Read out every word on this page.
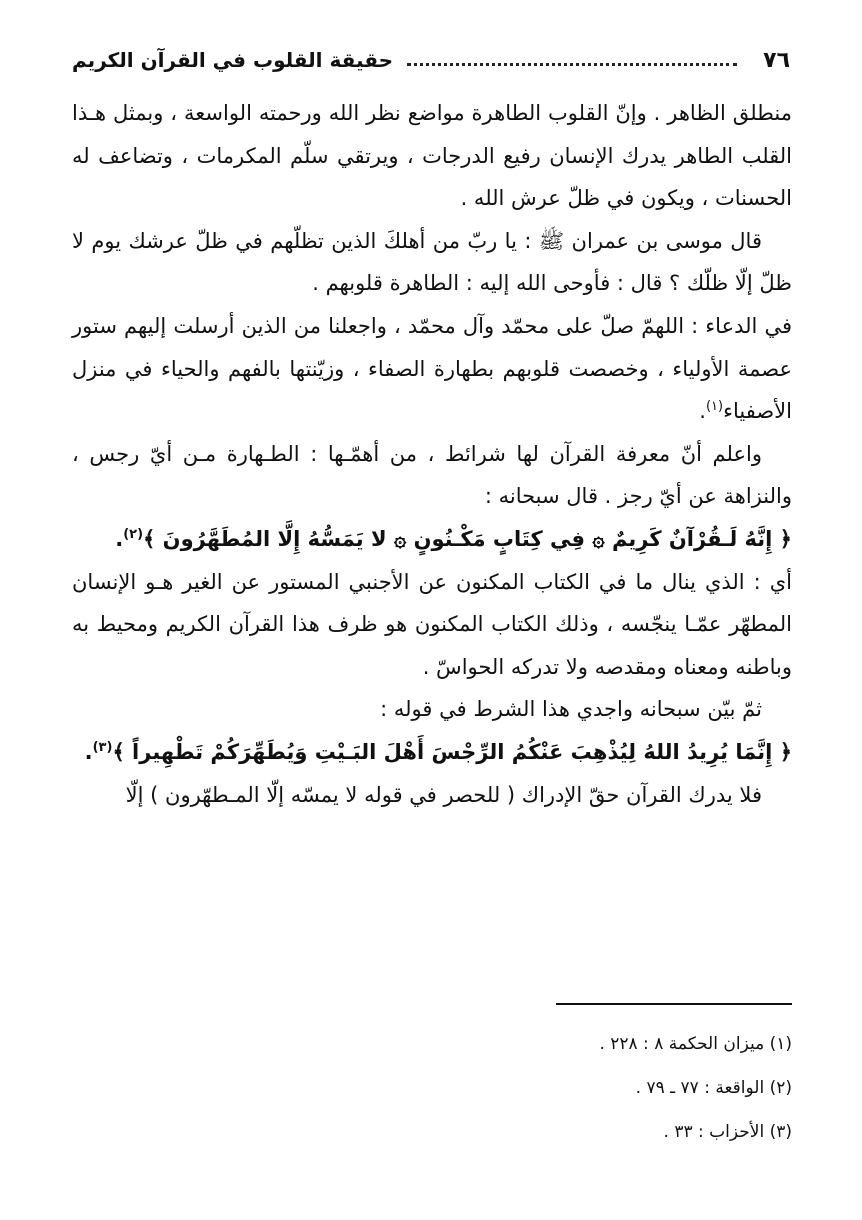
٧٦
حقيقة القلوب في القرآن الكريم

منطلق الظاهر . وإنّ القلوب الطاهرة مواضع نظر الله ورحمته الواسعة ، وبمثل هـذا القلب الطاهر يدرك الإنسان رفيع الدرجات ، ويرتقي سلّم المكرمات ، وتضاعف له الحسنات ، ويكون في ظلّ عرش الله .

قال موسى بن عمران ﷺ : يا ربّ من أهلكَ الذين تظلّهم في ظلّ عرشك يوم لا ظلّ إلّا ظلّك ؟ قال : فأوحى الله إليه : الطاهرة قلوبهم .

في الدعاء : اللهمّ صلّ على محمّد وآل محمّد ، واجعلنا من الذين أرسلت إليهم ستور عصمة الأولياء ، وخصصت قلوبهم بطهارة الصفاء ، وزيّنتها بالفهم والحياء في منزل الأصفياء$^{(١)}$.

واعلم أنّ معرفة القرآن لها شرائط ، من أهمّـها : الطـهارة مـن أيّ رجس ، والنزاهة عن أيّ رجز . قال سبحانه :

﴿ إِنَّهُ لَـقُرْآنٌ كَرِيمٌ ۞ فِي كِتَابٍ مَكْـنُونٍ ۞ لا يَمَسُّهُ إِلَّا المُطَهَّرُونَ ﴾$^{(٢)}$.

أي : الذي ينال ما في الكتاب المكنون عن الأجنبي المستور عن الغير هـو الإنسان المطهّر عمّـا ينجّسه ، وذلك الكتاب المكنون هو ظرف هذا القرآن الكريم ومحيط به وباطنه ومعناه ومقدصه ولا تدركه الحواسّ .

ثمّ بيّن سبحانه واجدي هذا الشرط في قوله :

﴿ إِنَّمَا يُرِيدُ اللهُ لِيُذْهِبَ عَنْكُمُ الرِّجْسَ أَهْلَ البَـيْتِ وَيُطَهِّرَكُمْ تَطْهِيراً ﴾$^{(٣)}$.

فلا يدرك القرآن حقّ الإدراك ( للحصر في قوله لا يمسّه إلّا المـطهّرون ) إلّا

(١) ميزان الحكمة ٨ : ٢٢٨ .
(٢) الواقعة : ٧٧ ـ ٧٩ .
(٣) الأحزاب : ٣٣ .
